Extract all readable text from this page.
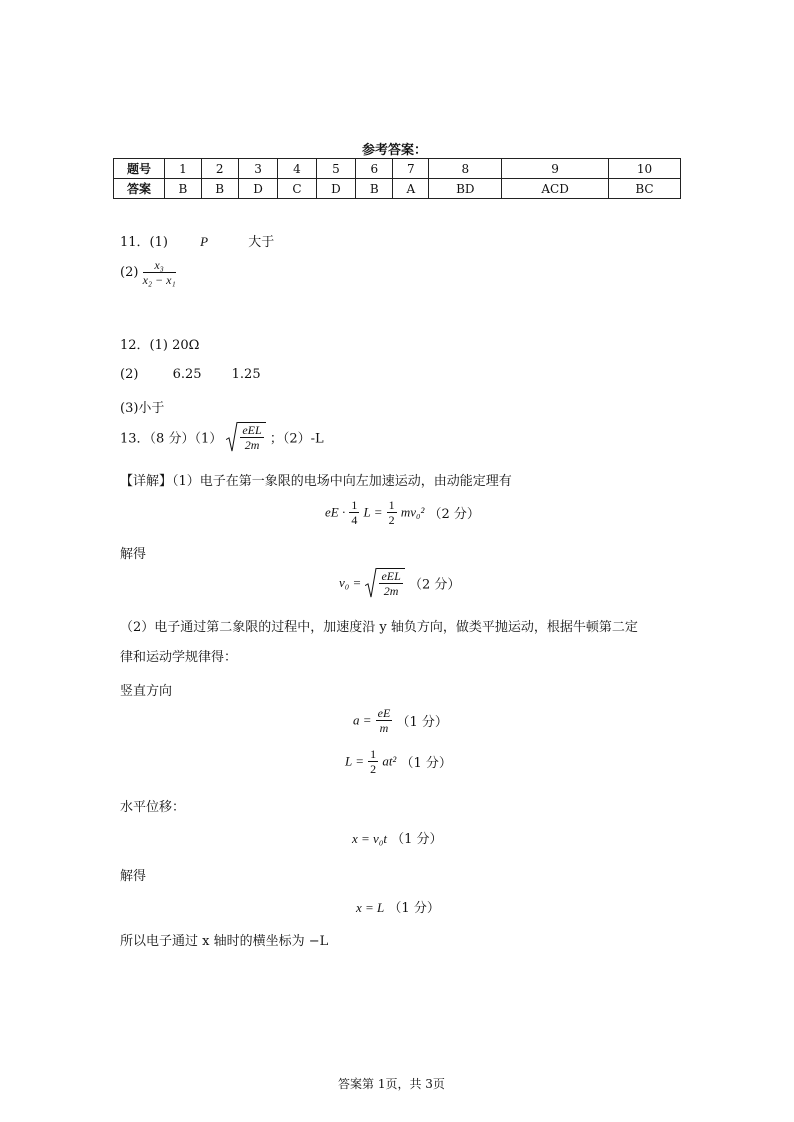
参考答案：
题号	1	2	3	4	5	6	7	8	9	10
答案	B	B	D	C	D	B	A	BD	ACD	BC
11．(1) P	大于
$(2) \frac{\text{x₃}}{\text{x₂ − x₁}}$
12．(1) 20Ω
(2)	6.25 1.25
(3)小于
13．（8 分）$(1) \frac{\text{eEL}}{2m}$ ；（2）-L
【详解】（1）电子在第一象限的电场中向左加速运动，由动能定理有
eE · $\frac{1}{4}$ $L = \frac{1}{2} mv_0^2$ （2 分）
解得
$v_0 = \frac{\text{eEL}}{2m} (2$ 分）
（2）电子通过第二象限的过程中，加速度沿 y 轴负方向，做类平抛运动，根据牛顿第二定
律和运动学规律得：
竖直方向
$a = \frac{eE}{m} (1$ 分）
$L = \frac{1}{2} at^2$ （1 分）
水平位移：
x = v₀t （1 分）
解得
x = L （1 分）
所以电子通过 x 轴时的横坐标为 −L
答案第 1页，共 3页
